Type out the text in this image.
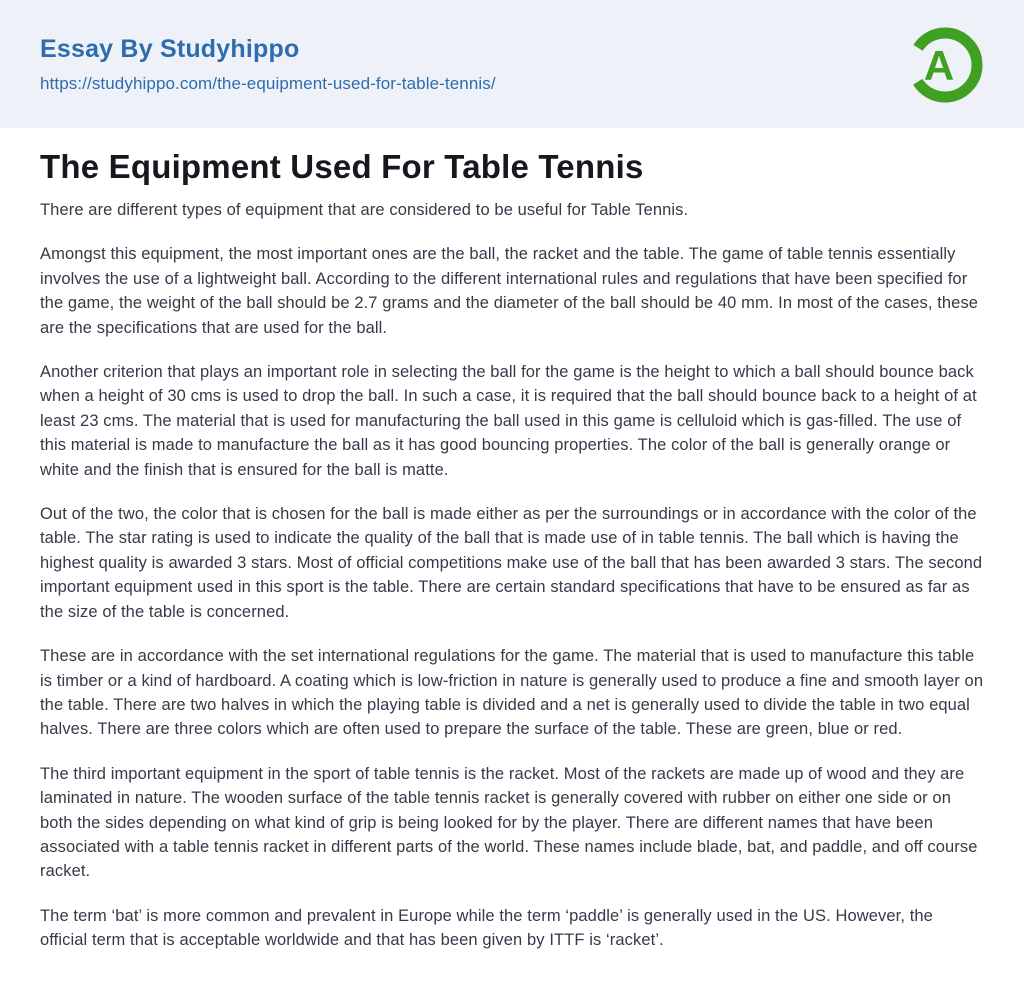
Essay By Studyhippo
https://studyhippo.com/the-equipment-used-for-table-tennis/	A
The Equipment Used For Table Tennis

There are different types of equipment that are considered to be useful for Table Tennis.

Amongst this equipment, the most important ones are the ball, the racket and the table. The game of table tennis essentially involves the use of a lightweight ball. According to the different international rules and regulations that have been specified for the game, the weight of the ball should be 2.7 grams and the diameter of the ball should be 40 mm. In most of the cases, these are the specifications that are used for the ball.

Another criterion that plays an important role in selecting the ball for the game is the height to which a ball should bounce back when a height of 30 cms is used to drop the ball. In such a case, it is required that the ball should bounce back to a height of at least 23 cms. The material that is used for manufacturing the ball used in this game is celluloid which is gas-filled. The use of this material is made to manufacture the ball as it has good bouncing properties. The color of the ball is generally orange or white and the finish that is ensured for the ball is matte.

Out of the two, the color that is chosen for the ball is made either as per the surroundings or in accordance with the color of the table. The star rating is used to indicate the quality of the ball that is made use of in table tennis. The ball which is having the highest quality is awarded 3 stars. Most of official competitions make use of the ball that has been awarded 3 stars. The second important equipment used in this sport is the table. There are certain standard specifications that have to be ensured as far as the size of the table is concerned.

These are in accordance with the set international regulations for the game. The material that is used to manufacture this table is timber or a kind of hardboard. A coating which is low-friction in nature is generally used to produce a fine and smooth layer on the table. There are two halves in which the playing table is divided and a net is generally used to divide the table in two equal halves. There are three colors which are often used to prepare the surface of the table. These are green, blue or red.

The third important equipment in the sport of table tennis is the racket. Most of the rackets are made up of wood and they are laminated in nature. The wooden surface of the table tennis racket is generally covered with rubber on either one side or on both the sides depending on what kind of grip is being looked for by the player. There are different names that have been associated with a table tennis racket in different parts of the world. These names include blade, bat, and paddle, and off course racket.

The term ‘bat’ is more common and prevalent in Europe while the term ‘paddle’ is generally used in the US. However, the official term that is acceptable worldwide and that has been given by ITTF is ‘racket’.
